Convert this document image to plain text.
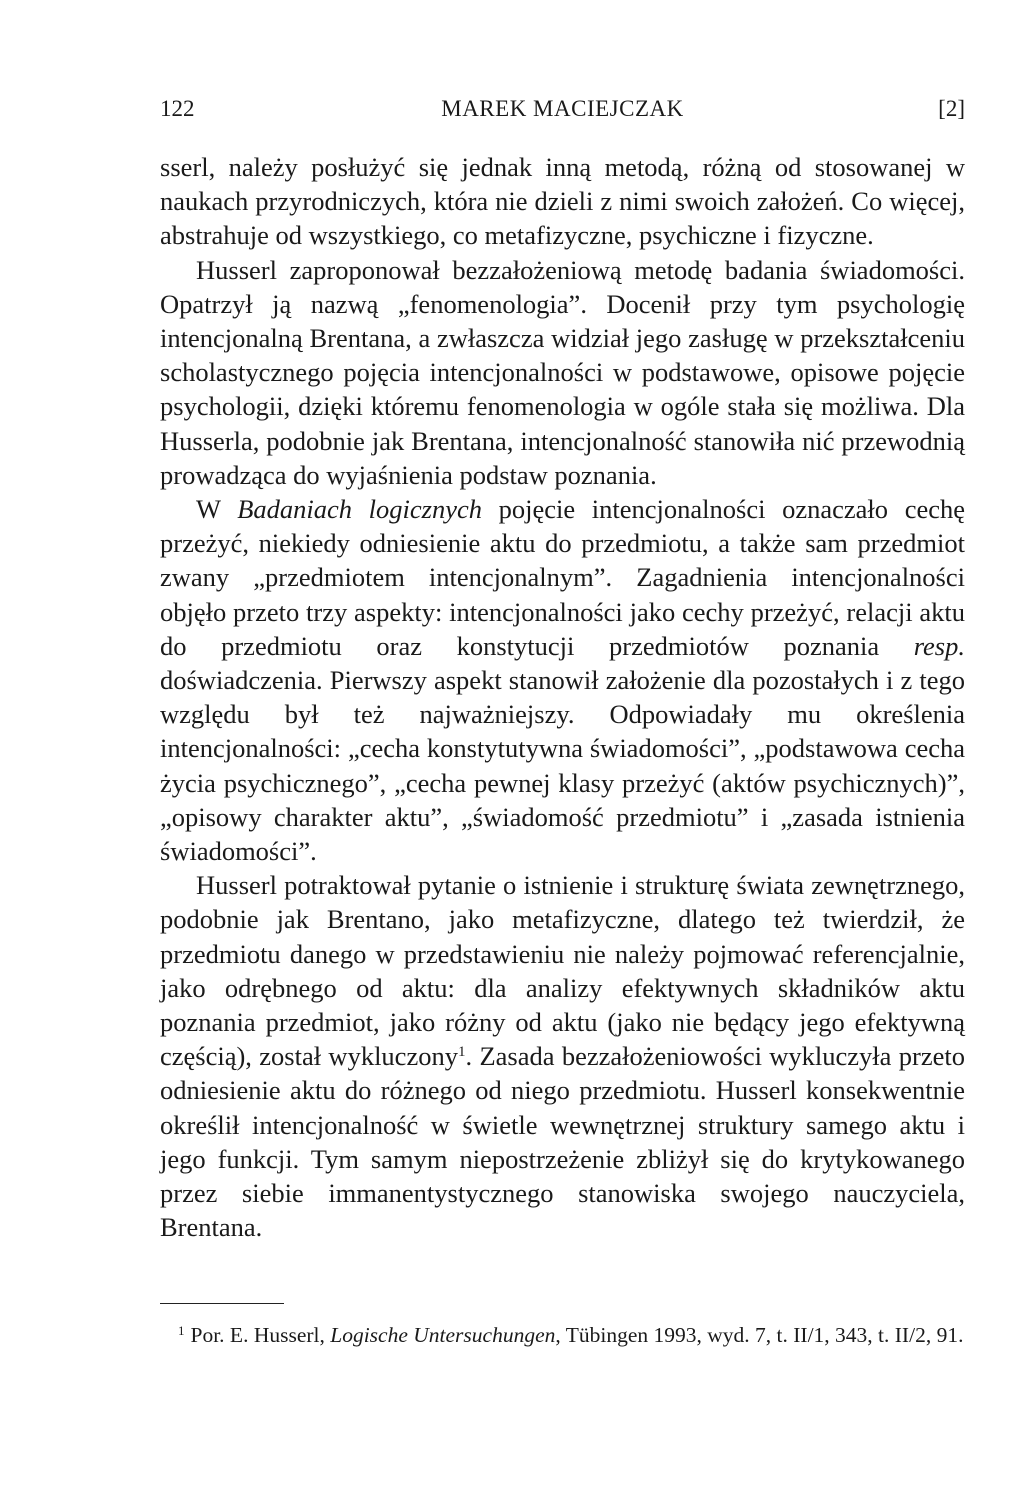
122	MAREK MACIEJCZAK	[2]

sserl, należy posłużyć się jednak inną metodą, różną od stosowanej w naukach przyrodniczych, która nie dzieli z nimi swoich założeń. Co więcej, abstrahuje od wszystkiego, co metafizyczne, psychiczne i fizyczne.

Husserl zaproponował bezzałożeniową metodę badania świadomości. Opatrzył ją nazwą „fenomenologia”. Docenił przy tym psychologię intencjonalną Brentana, a zwłaszcza widział jego zasługę w przekształceniu scholastycznego pojęcia intencjonalności w podstawowe, opisowe pojęcie psychologii, dzięki któremu fenomenologia w ogóle stała się możliwa. Dla Husserla, podobnie jak Brentana, intencjonalność stanowiła nić przewodnią prowadząca do wyjaśnienia podstaw poznania.

W Badaniach logicznych pojęcie intencjonalności oznaczało cechę przeżyć, niekiedy odniesienie aktu do przedmiotu, a także sam przedmiot zwany „przedmiotem intencjonalnym”. Zagadnienia intencjonalności objęło przeto trzy aspekty: intencjonalności jako cechy przeżyć, relacji aktu do przedmiotu oraz konstytucji przedmiotów poznania resp. doświadczenia. Pierwszy aspekt stanowił założenie dla pozostałych i z tego względu był też najważniejszy. Odpowiadały mu określenia intencjonalności: „cecha konstytutywna świadomości”, „podstawowa cecha życia psychicznego”, „cecha pewnej klasy przeżyć (aktów psychicznych)”, „opisowy charakter aktu”, „świadomość przedmiotu” i „zasada istnienia świadomości”.

Husserl potraktował pytanie o istnienie i strukturę świata zewnętrznego, podobnie jak Brentano, jako metafizyczne, dlatego też twierdził, że przedmiotu danego w przedstawieniu nie należy pojmować referencjalnie, jako odrębnego od aktu: dla analizy efektywnych składników aktu poznania przedmiot, jako różny od aktu (jako nie będący jego efektywną częścią), został wykluczony$^1$. Zasada bezzałożeniowości wykluczyła przeto odniesienie aktu do różnego od niego przedmiotu. Husserl konsekwentnie określił intencjonalność w świetle wewnętrznej struktury samego aktu i jego funkcji. Tym samym niepostrzeżenie zbliżył się do krytykowanego przez siebie immanentystycznego stanowiska swojego nauczyciela, Brentana.

$^1$ Por. E. Husserl, Logische Untersuchungen, Tübingen 1993, wyd. 7, t. II/1, 343, t. II/2, 91.
